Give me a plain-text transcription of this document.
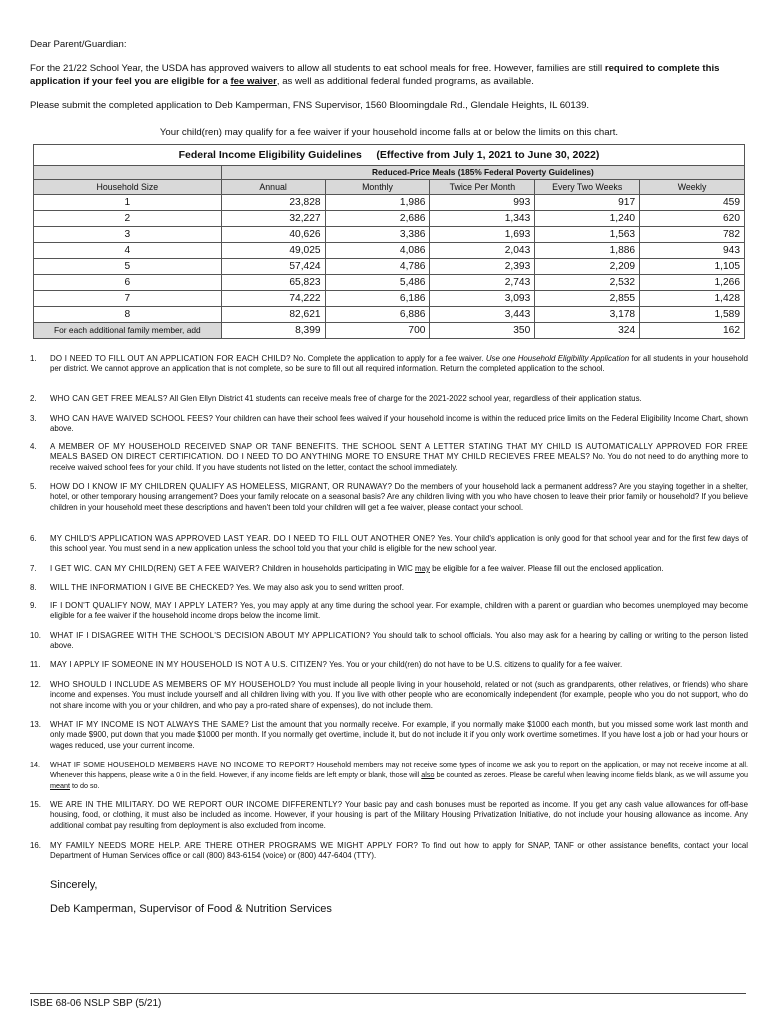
Dear Parent/Guardian:
For the 21/22 School Year, the USDA has approved waivers to allow all students to eat school meals for free. However, families are still required to complete this application if your feel you are eligible for a fee waiver, as well as additional federal funded programs, as available.
Please submit the completed application to Deb Kamperman, FNS Supervisor, 1560 Bloomingdale Rd., Glendale Heights, IL 60139.
Your child(ren) may qualify for a fee waiver if your household income falls at or below the limits on this chart.
Federal Income Eligibility Guidelines     (Effective from July 1, 2021 to June 30, 2022)					
	Reduced-Price Meals (185% Federal Poverty Guidelines)				
Household Size	Annual	Monthly	Twice Per Month	Every Two Weeks	Weekly
1	23,828	1,986	993	917	459
2	32,227	2,686	1,343	1,240	620
3	40,626	3,386	1,693	1,563	782
4	49,025	4,086	2,043	1,886	943
5	57,424	4,786	2,393	2,209	1,105
6	65,823	5,486	2,743	2,532	1,266
7	74,222	6,186	3,093	2,855	1,428
8	82,621	6,886	3,443	3,178	1,589
For each additional family member, add	8,399	700	350	324	162
1.	DO I NEED TO FILL OUT AN APPLICATION FOR EACH CHILD? No. Complete the application to apply for a fee waiver. Use one Household Eligibility Application for all students in your household per district. We cannot approve an application that is not complete, so be sure to fill out all required information. Return the completed application to the school.
2.	WHO CAN GET FREE MEALS? All Glen Ellyn District 41 students can receive meals free of charge for the 2021-2022 school year, regardless of their application status.
3.	WHO CAN HAVE WAIVED SCHOOL FEES? Your children can have their school fees waived if your household income is within the reduced price limits on the Federal Eligibility Income Chart, shown above.
4.	A MEMBER OF MY HOUSEHOLD RECEIVED SNAP OR TANF BENEFITS. THE SCHOOL SENT A LETTER STATING THAT MY CHILD IS AUTOMATICALLY APPROVED FOR FREE MEALS BASED ON DIRECT CERTIFICATION. DO I NEED TO DO ANYTHING MORE TO ENSURE THAT MY CHILD RECIEVES FREE MEALS? No. You do not need to do anything more to receive waived school fees for your child. If you have students not listed on the letter, contact the school immediately.
5.	HOW DO I KNOW IF MY CHILDREN QUALIFY AS HOMELESS, MIGRANT, OR RUNAWAY? Do the members of your household lack a permanent address? Are you staying together in a shelter, hotel, or other temporary housing arrangement? Does your family relocate on a seasonal basis? Are any children living with you who have chosen to leave their prior family or household? If you believe children in your household meet these descriptions and haven't been told your children will get a fee waiver, please contact your school.
6.	MY CHILD'S APPLICATION WAS APPROVED LAST YEAR. DO I NEED TO FILL OUT ANOTHER ONE? Yes. Your child's application is only good for that school year and for the first few days of this school year. You must send in a new application unless the school told you that your child is eligible for the new school year.
7.	I GET WIC. CAN MY CHILD(REN) GET A FEE WAIVER? Children in households participating in WIC may be eligible for a fee waiver. Please fill out the enclosed application.
8.	WILL THE INFORMATION I GIVE BE CHECKED? Yes. We may also ask you to send written proof.
9.	IF I DON'T QUALIFY NOW, MAY I APPLY LATER? Yes, you may apply at any time during the school year. For example, children with a parent or guardian who becomes unemployed may become eligible for a fee waiver if the household income drops below the income limit.
10.	WHAT IF I DISAGREE WITH THE SCHOOL'S DECISION ABOUT MY APPLICATION? You should talk to school officials. You also may ask for a hearing by calling or writing to the person listed above.
11.	MAY I APPLY IF SOMEONE IN MY HOUSEHOLD IS NOT A U.S. CITIZEN? Yes. You or your child(ren) do not have to be U.S. citizens to qualify for a fee waiver.
12.	WHO SHOULD I INCLUDE AS MEMBERS OF MY HOUSEHOLD? You must include all people living in your household, related or not (such as grandparents, other relatives, or friends) who share income and expenses. You must include yourself and all children living with you. If you live with other people who are economically independent (for example, people who you do not support, who do not share income with you or your children, and who pay a pro-rated share of expenses), do not include them.
13.	WHAT IF MY INCOME IS NOT ALWAYS THE SAME? List the amount that you normally receive. For example, if you normally make $1000 each month, but you missed some work last month and only made $900, put down that you made $1000 per month. If you normally get overtime, include it, but do not include it if you only work overtime sometimes. If you have lost a job or had your hours or wages reduced, use your current income.
14.	WHAT IF SOME HOUSEHOLD MEMBERS HAVE NO INCOME TO REPORT? Household members may not receive some types of income we ask you to report on the application, or may not receive income at all. Whenever this happens, please write a 0 in the field. However, if any income fields are left empty or blank, those will also be counted as zeroes. Please be careful when leaving income fields blank, as we will assume you meant to do so.
15.	WE ARE IN THE MILITARY. DO WE REPORT OUR INCOME DIFFERENTLY? Your basic pay and cash bonuses must be reported as income. If you get any cash value allowances for off-base housing, food, or clothing, it must also be included as income. However, if your housing is part of the Military Housing Privatization Initiative, do not include your housing allowance as income. Any additional combat pay resulting from deployment is also excluded from income.
16.	MY FAMILY NEEDS MORE HELP. ARE THERE OTHER PROGRAMS WE MIGHT APPLY FOR? To find out how to apply for SNAP, TANF or other assistance benefits, contact your local Department of Human Services office or call (800) 843-6154 (voice) or (800) 447-6404 (TTY).
Sincerely,
Deb Kamperman, Supervisor of Food & Nutrition Services
ISBE 68-06 NSLP SBP (5/21)
